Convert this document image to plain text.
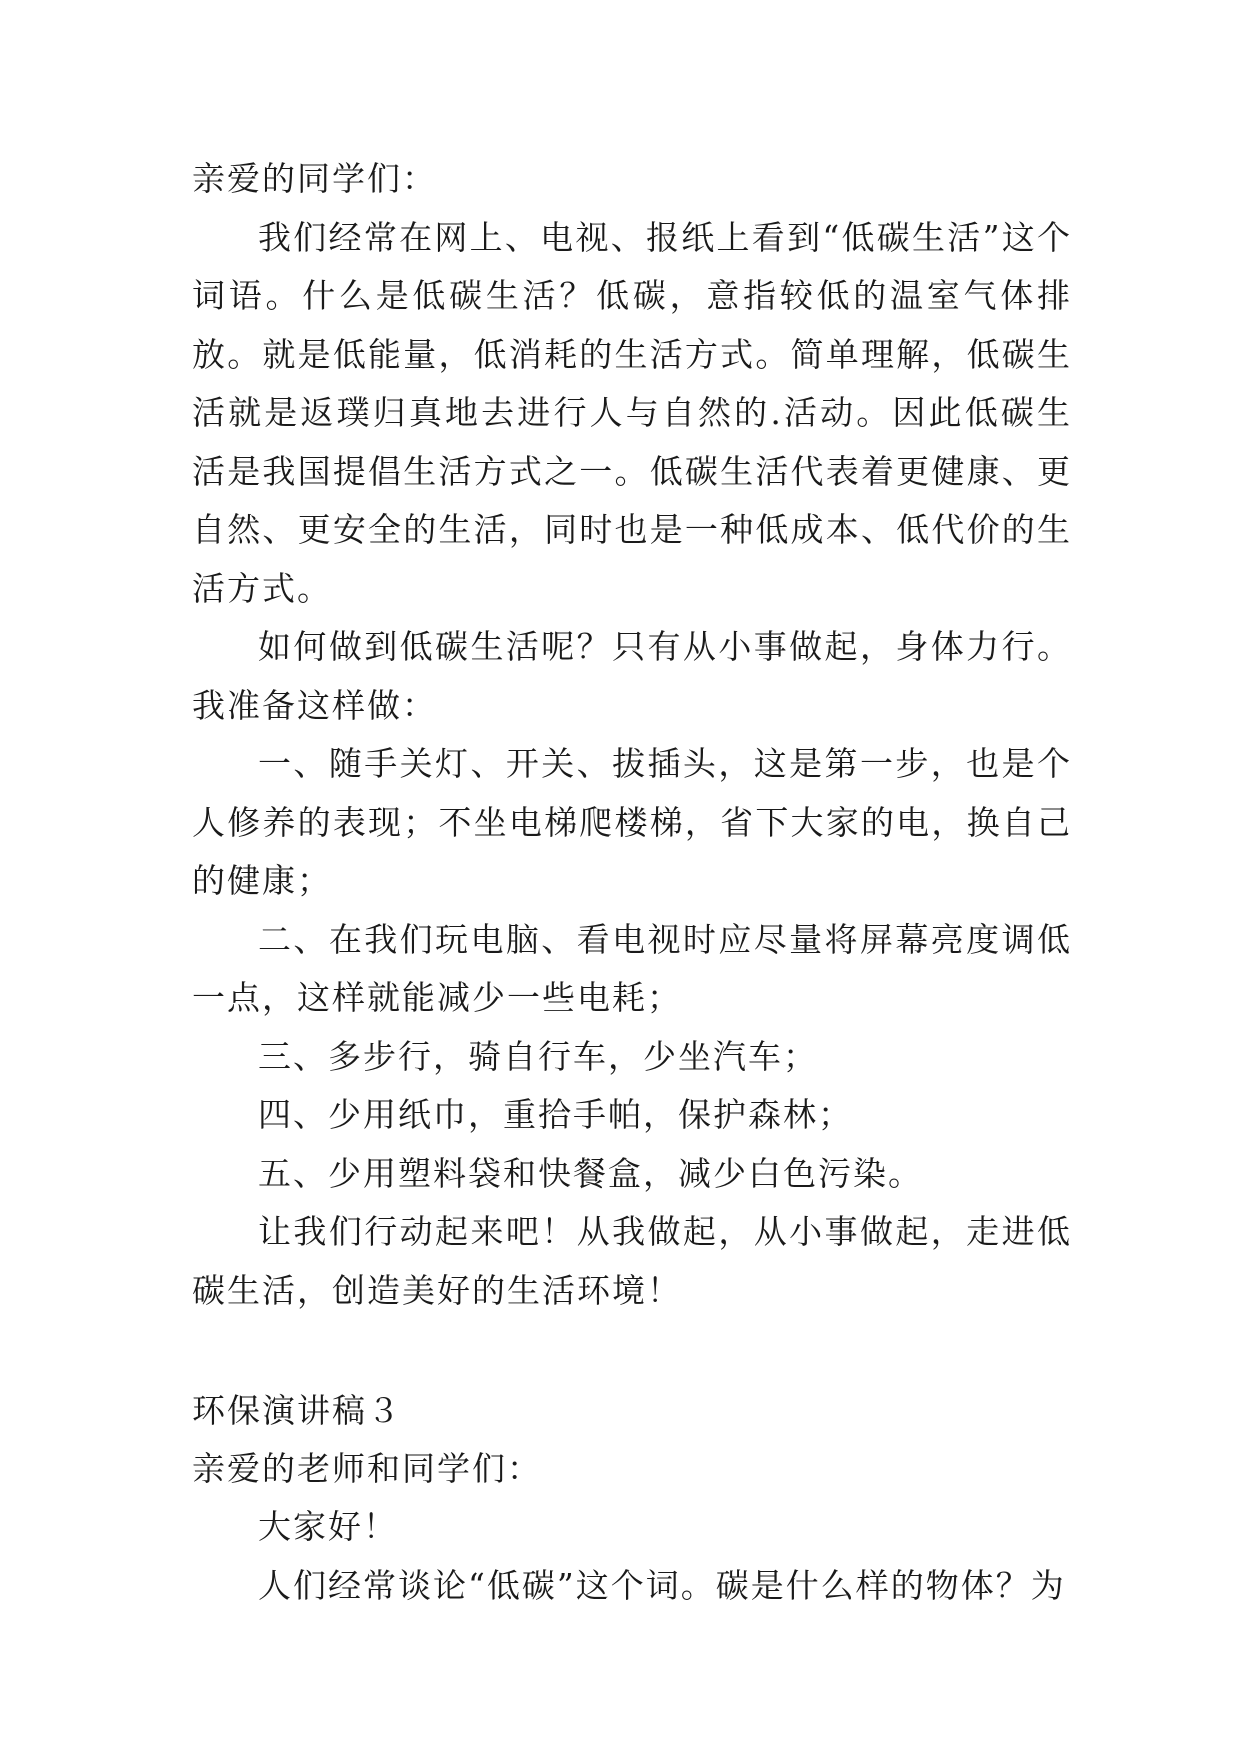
亲爱的同学们：

我们经常在网上、电视、报纸上看到“低碳生活”这个词语。什么是低碳生活？低碳，意指较低的温室气体排放。就是低能量，低消耗的生活方式。简单理解，低碳生活就是返璞归真地去进行人与自然的.活动。因此低碳生活是我国提倡生活方式之一。低碳生活代表着更健康、更自然、更安全的生活，同时也是一种低成本、低代价的生活方式。

如何做到低碳生活呢？只有从小事做起，身体力行。我准备这样做：

一、随手关灯、开关、拔插头，这是第一步，也是个人修养的表现；不坐电梯爬楼梯，省下大家的电，换自己的健康；

二、在我们玩电脑、看电视时应尽量将屏幕亮度调低一点，这样就能减少一些电耗；

三、多步行，骑自行车，少坐汽车；

四、少用纸巾，重拾手帕，保护森林；

五、少用塑料袋和快餐盒，减少白色污染。

让我们行动起来吧！从我做起，从小事做起，走进低碳生活，创造美好的生活环境！

环保演讲稿３

亲爱的老师和同学们：

大家好！

人们经常谈论“低碳”这个词。碳是什么样的物体？为
